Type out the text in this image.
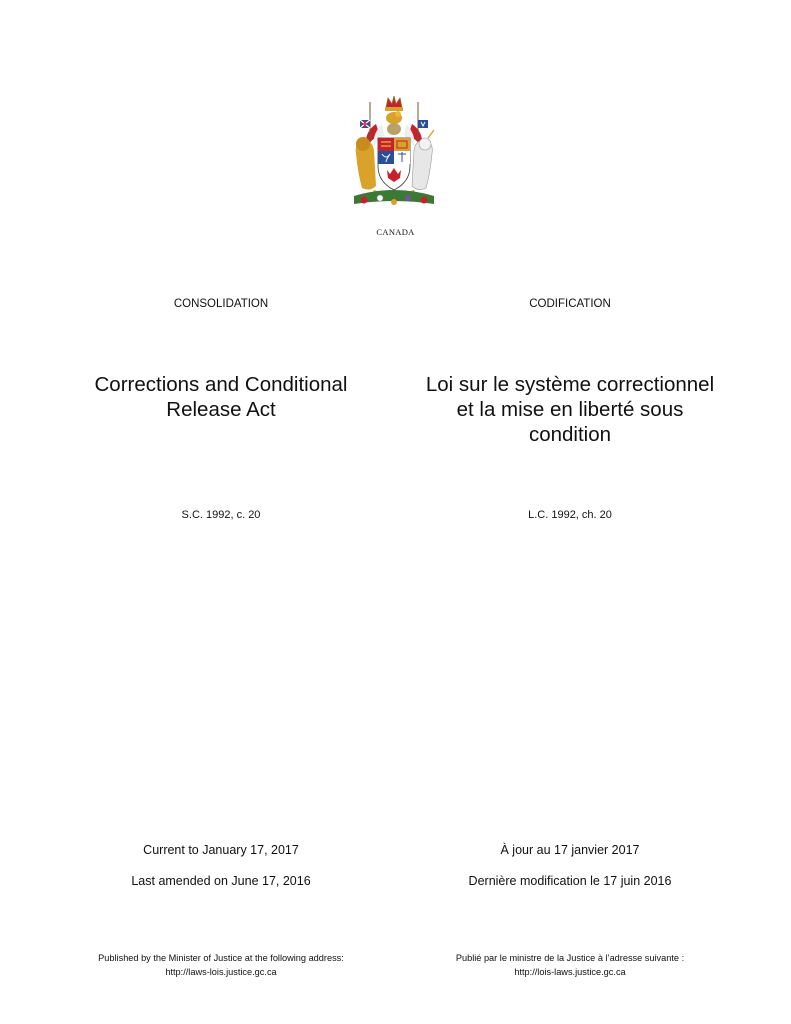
CANADA
CONSOLIDATION
Corrections and Conditional
Release Act
S.C. 1992, c. 20
Current to January 17, 2017
Last amended on June 17, 2016
Published by the Minister of Justice at the following address:
http://laws-lois.justice.gc.ca
CODIFICATION
Loi sur le système correctionnel
et la mise en liberté sous
condition
L.C. 1992, ch. 20
À jour au 17 janvier 2017
Dernière modification le 17 juin 2016
Publié par le ministre de la Justice à l’adresse suivante :
http://lois-laws.justice.gc.ca
